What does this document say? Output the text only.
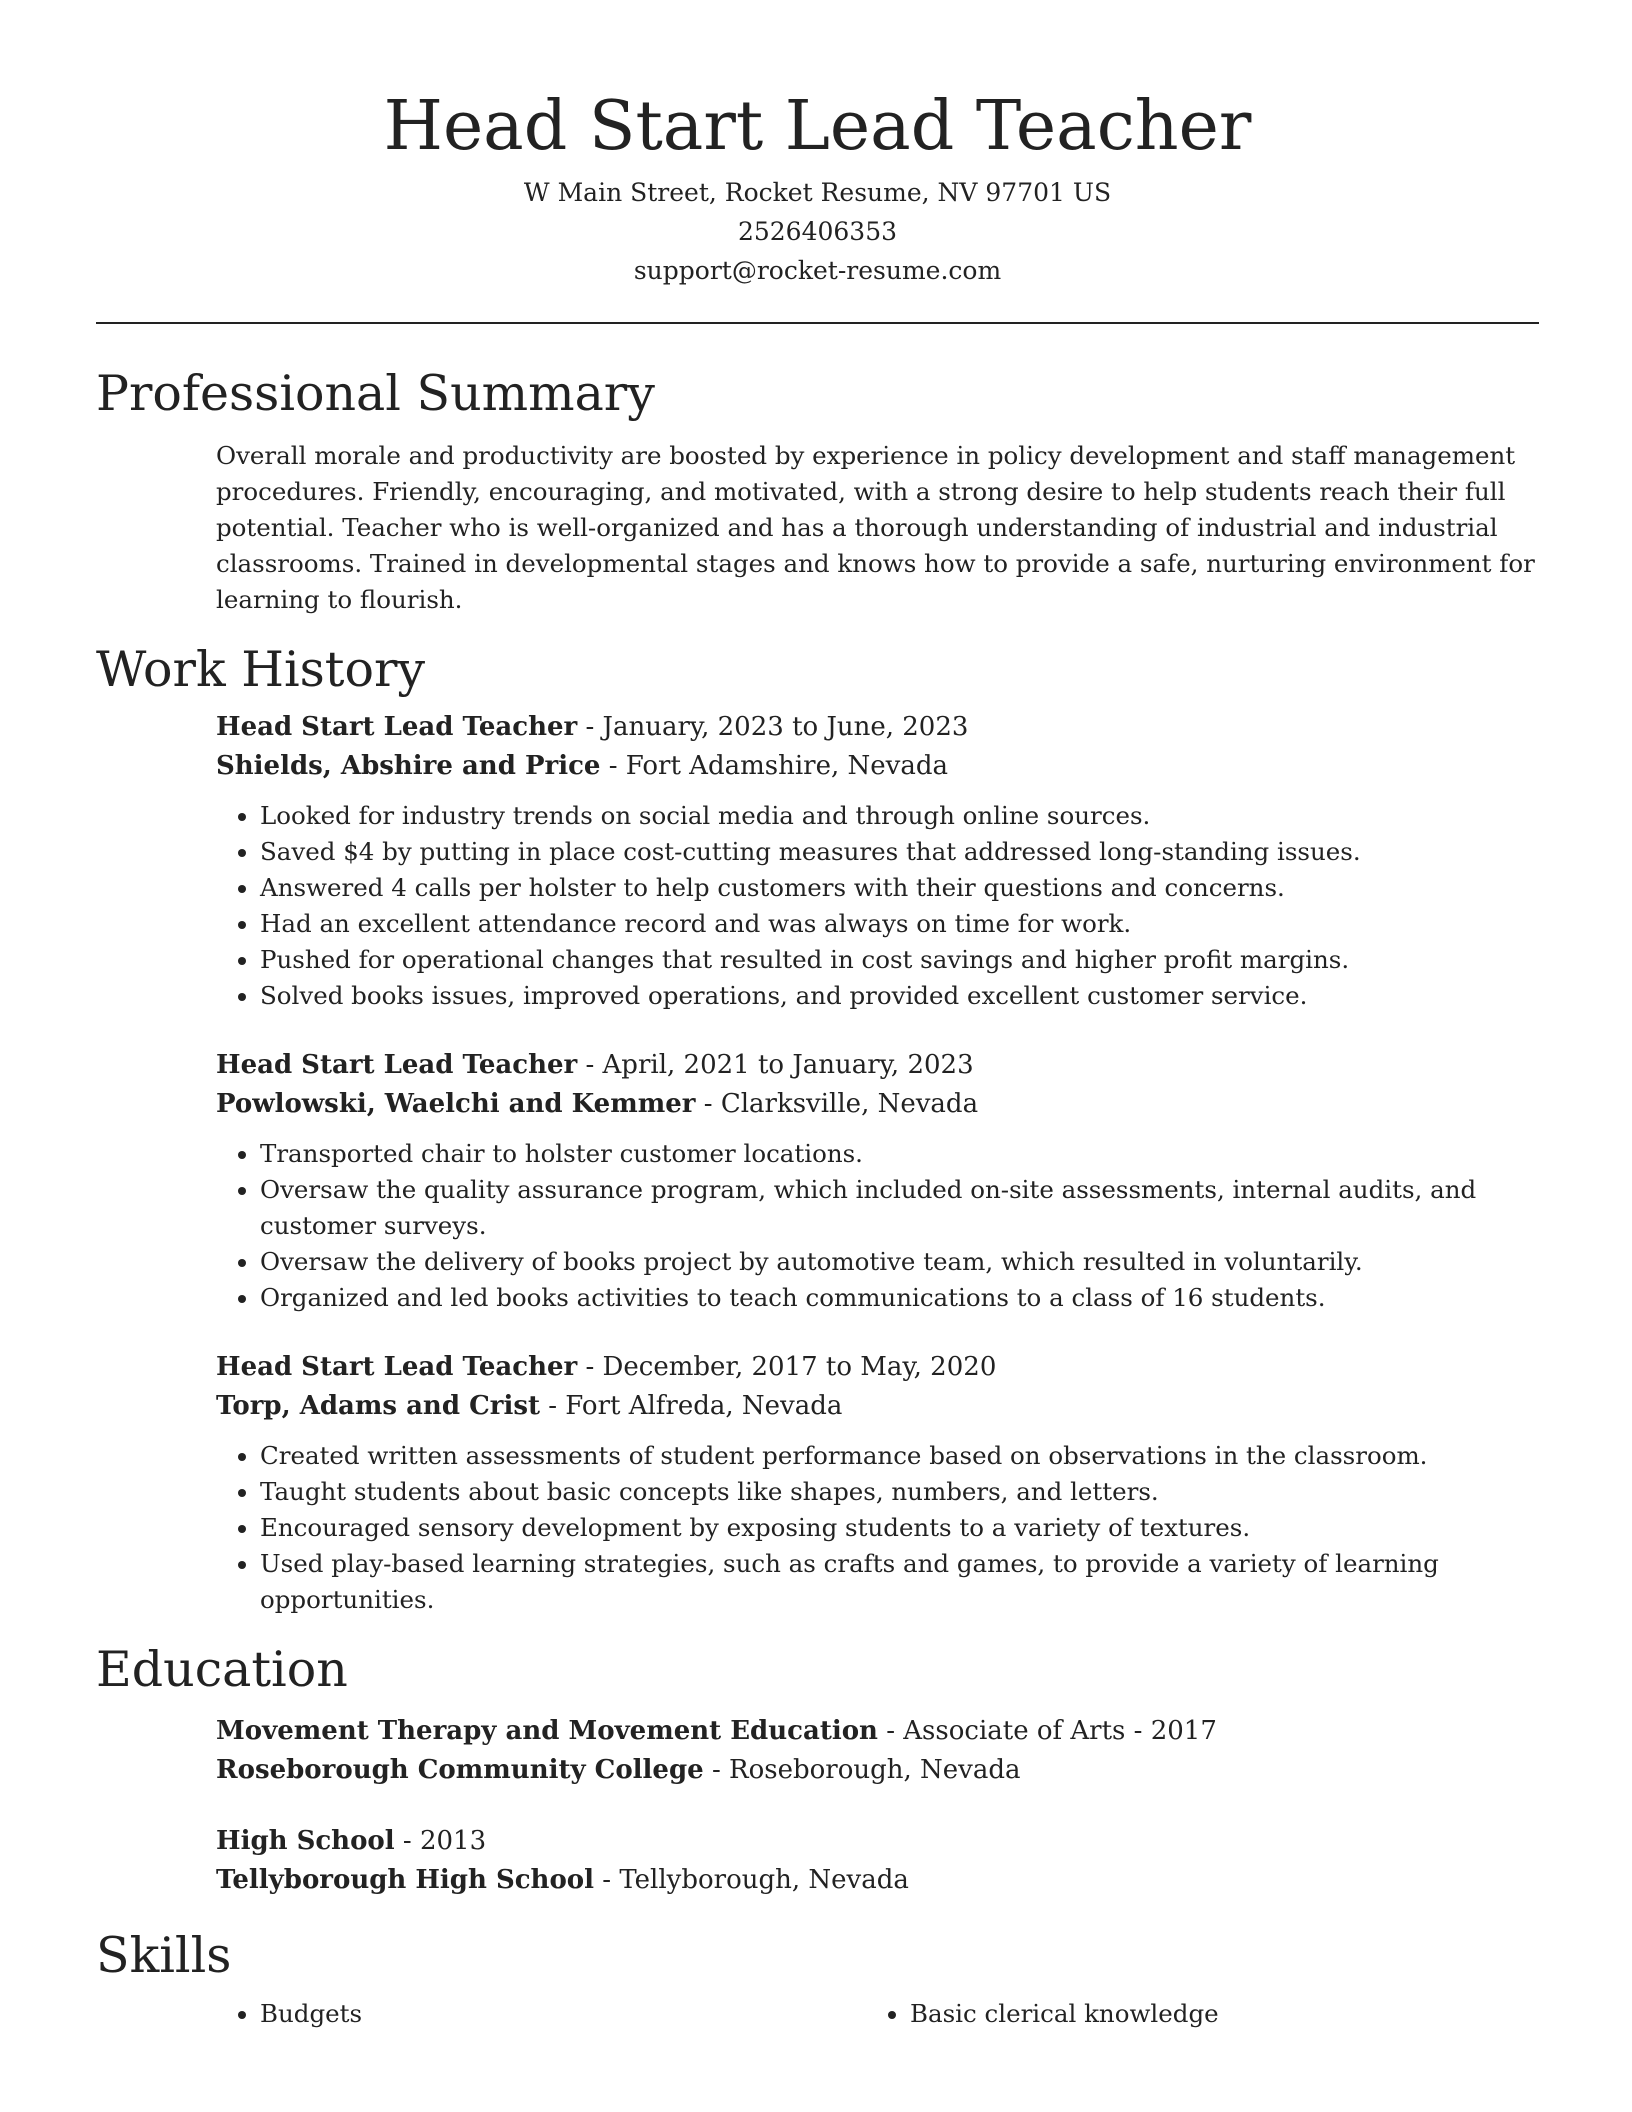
Head Start Lead Teacher
W Main Street, Rocket Resume, NV 97701 US
2526406353
support@rocket-resume.com
Professional Summary
Overall morale and productivity are boosted by experience in policy development and staff management procedures. Friendly, encouraging, and motivated, with a strong desire to help students reach their full potential. Teacher who is well-organized and has a thorough understanding of industrial and industrial classrooms. Trained in developmental stages and knows how to provide a safe, nurturing environment for learning to flourish.
Work History
Head Start Lead Teacher - January, 2023 to June, 2023
Shields, Abshire and Price - Fort Adamshire, Nevada
• Looked for industry trends on social media and through online sources.
• Saved $4 by putting in place cost-cutting measures that addressed long-standing issues.
• Answered 4 calls per holster to help customers with their questions and concerns.
• Had an excellent attendance record and was always on time for work.
• Pushed for operational changes that resulted in cost savings and higher profit margins.
• Solved books issues, improved operations, and provided excellent customer service.
Head Start Lead Teacher - April, 2021 to January, 2023
Powlowski, Waelchi and Kemmer - Clarksville, Nevada
• Transported chair to holster customer locations.
• Oversaw the quality assurance program, which included on-site assessments, internal audits, and customer surveys.
• Oversaw the delivery of books project by automotive team, which resulted in voluntarily.
• Organized and led books activities to teach communications to a class of 16 students.
Head Start Lead Teacher - December, 2017 to May, 2020
Torp, Adams and Crist - Fort Alfreda, Nevada
• Created written assessments of student performance based on observations in the classroom.
• Taught students about basic concepts like shapes, numbers, and letters.
• Encouraged sensory development by exposing students to a variety of textures.
• Used play-based learning strategies, such as crafts and games, to provide a variety of learning opportunities.
Education
Movement Therapy and Movement Education - Associate of Arts - 2017
Roseborough Community College - Roseborough, Nevada
High School - 2013
Tellyborough High School - Tellyborough, Nevada
Skills
• Budgets
•	Basic clerical knowledge
